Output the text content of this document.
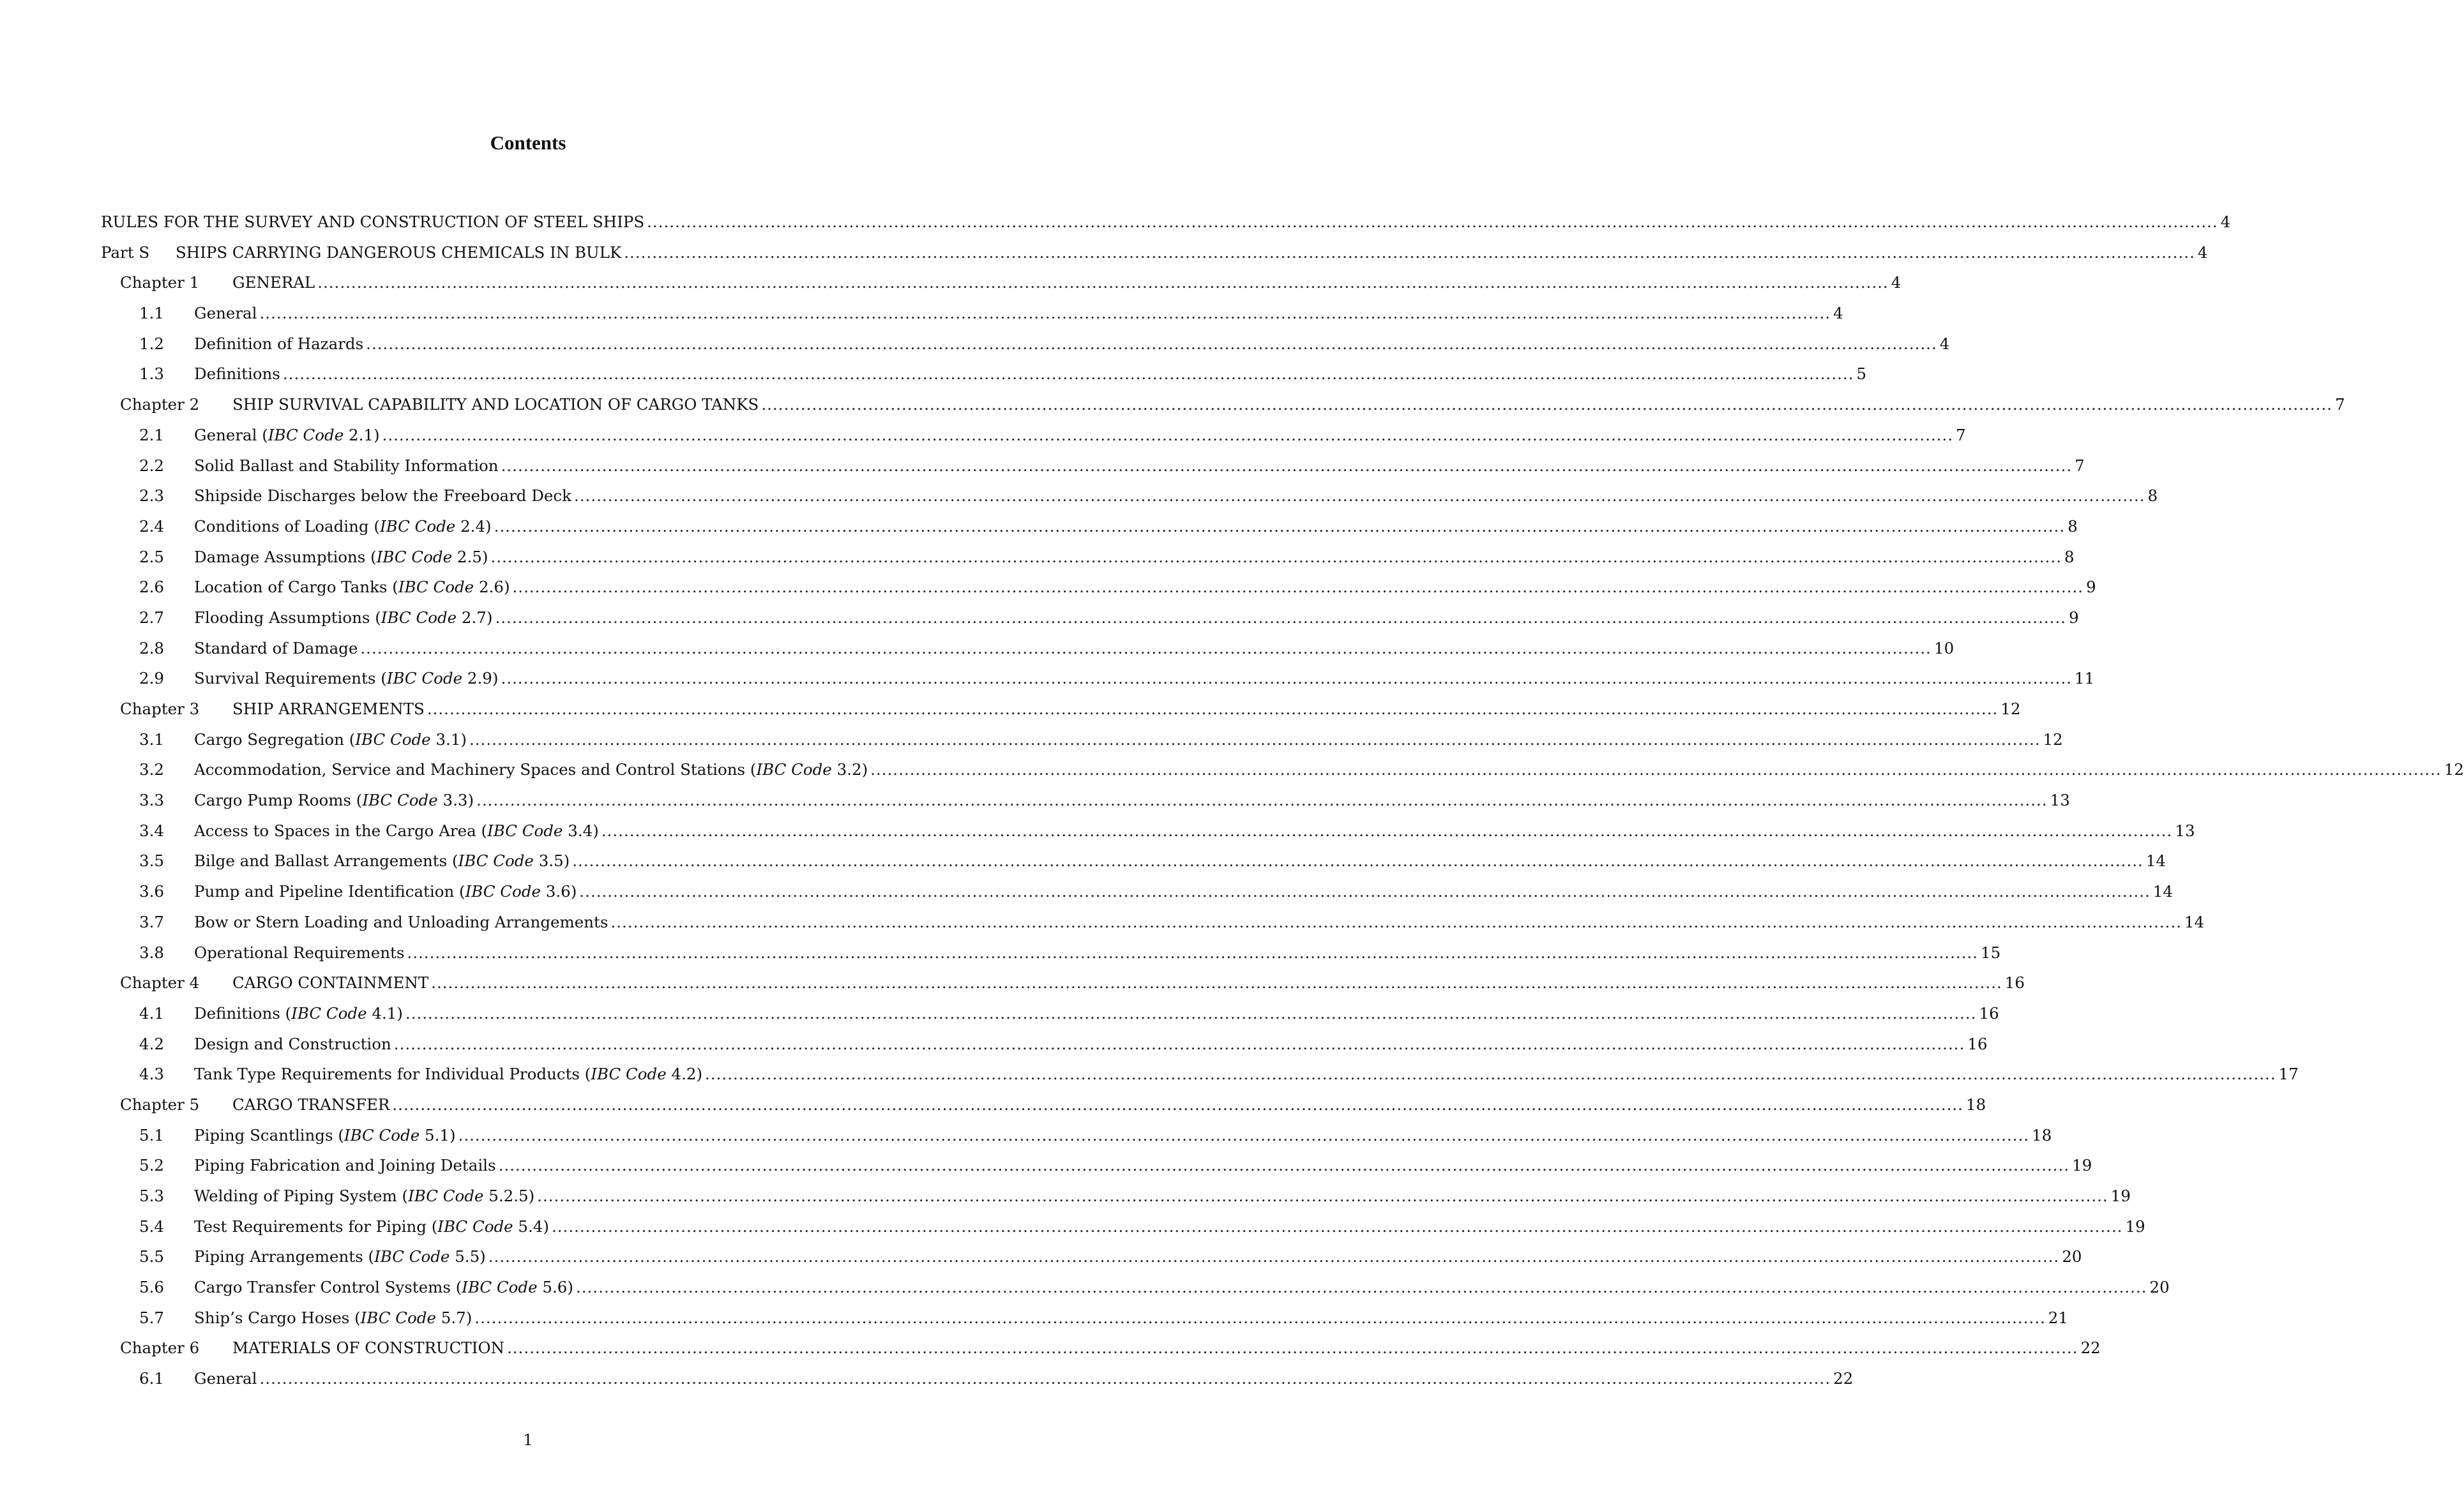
Contents
RULES FOR THE SURVEY AND CONSTRUCTION OF STEEL SHIPS .....	4
Part S	SHIPS CARRYING DANGEROUS CHEMICALS IN BULK .....	4
Chapter 1	GENERAL .....	4
1.1	General .....	4
1.2	Definition of Hazards .....	4
1.3	Definitions .....	5
Chapter 2	SHIP SURVIVAL CAPABILITY AND LOCATION OF CARGO TANKS .....	7
2.1	General (IBC Code 2.1) .....	7
2.2	Solid Ballast and Stability Information .....	7
2.3	Shipside Discharges below the Freeboard Deck .....	8
2.4	Conditions of Loading (IBC Code 2.4) .....	8
2.5	Damage Assumptions (IBC Code 2.5) .....	8
2.6	Location of Cargo Tanks (IBC Code 2.6) .....	9
2.7	Flooding Assumptions (IBC Code 2.7) .....	9
2.8	Standard of Damage .....	10
2.9	Survival Requirements (IBC Code 2.9) .....	11
Chapter 3	SHIP ARRANGEMENTS .....	12
3.1	Cargo Segregation (IBC Code 3.1) .....	12
3.2	Accommodation, Service and Machinery Spaces and Control Stations (IBC Code 3.2) .....	12
3.3	Cargo Pump Rooms (IBC Code 3.3) .....	13
3.4	Access to Spaces in the Cargo Area (IBC Code 3.4) .....	13
3.5	Bilge and Ballast Arrangements (IBC Code 3.5) .....	14
3.6	Pump and Pipeline Identification (IBC Code 3.6) .....	14
3.7	Bow or Stern Loading and Unloading Arrangements .....	14
3.8	Operational Requirements .....	15
Chapter 4	CARGO CONTAINMENT .....	16
4.1	Definitions (IBC Code 4.1) .....	16
4.2	Design and Construction .....	16
4.3	Tank Type Requirements for Individual Products (IBC Code 4.2) .....	17
Chapter 5	CARGO TRANSFER .....	18
5.1	Piping Scantlings (IBC Code 5.1) .....	18
5.2	Piping Fabrication and Joining Details .....	19
5.3	Welding of Piping System (IBC Code 5.2.5) .....	19
5.4	Test Requirements for Piping (IBC Code 5.4) .....	19
5.5	Piping Arrangements (IBC Code 5.5) .....	20
5.6	Cargo Transfer Control Systems (IBC Code 5.6) .....	20
5.7	Ship’s Cargo Hoses (IBC Code 5.7) .....	21
Chapter 6	MATERIALS OF CONSTRUCTION .....	22
6.1	General .....	22
1
